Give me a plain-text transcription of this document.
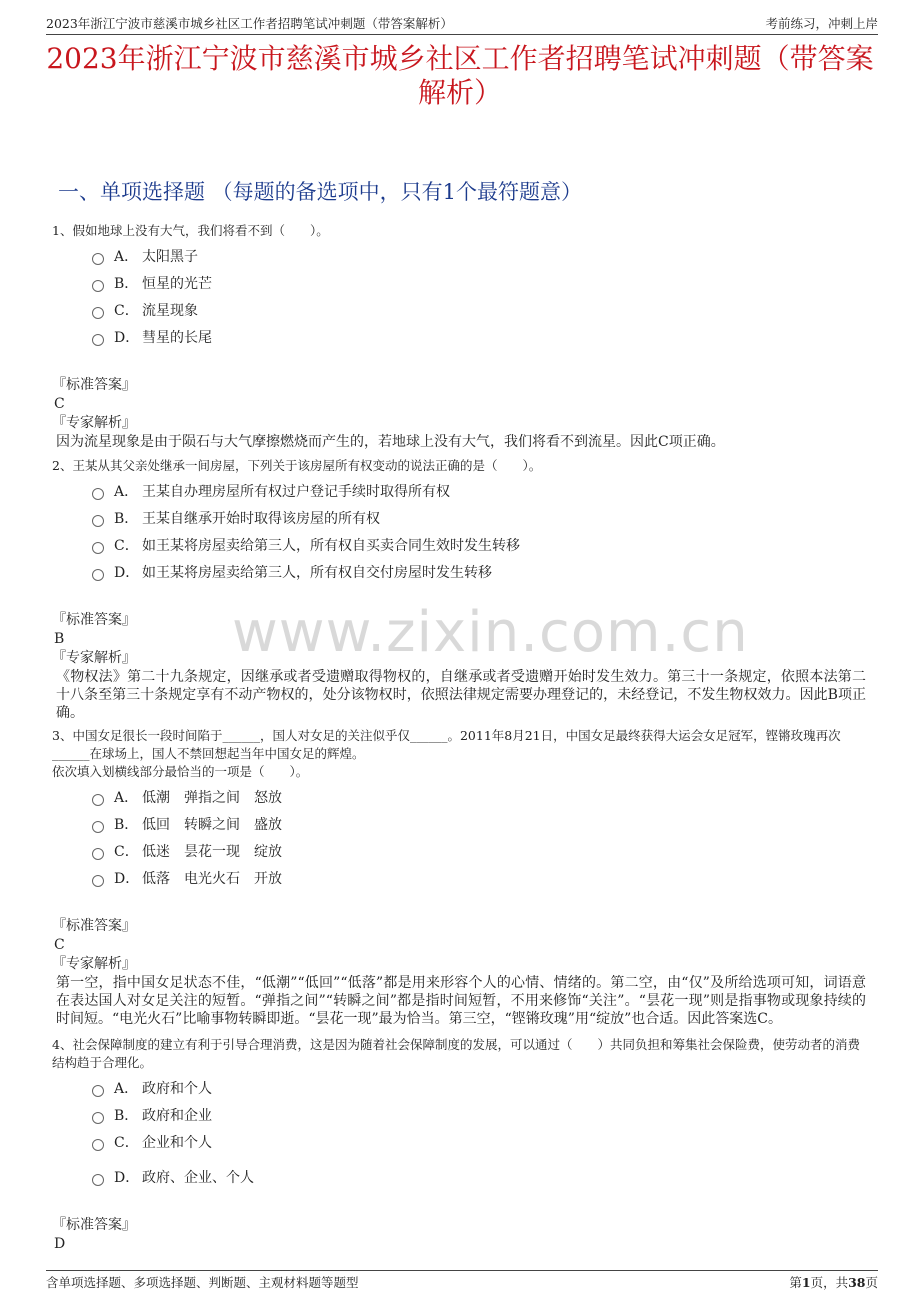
2023年浙江宁波市慈溪市城乡社区工作者招聘笔试冲刺题（带答案解析）	考前练习，冲刺上岸
2023年浙江宁波市慈溪市城乡社区工作者招聘笔试冲刺题（带答案解析）
一、单项选择题 （每题的备选项中，只有1个最符题意）
www.zixin.com.cn
1、假如地球上没有大气，我们将看不到（　　）。
A． 太阳黑子
B． 恒星的光芒
C． 流星现象
D． 彗星的长尾
『标准答案』
C
『专家解析』
因为流星现象是由于陨石与大气摩擦燃烧而产生的，若地球上没有大气，我们将看不到流星。因此C项正确。
2、王某从其父亲处继承一间房屋，下列关于该房屋所有权变动的说法正确的是（　　）。
A． 王某自办理房屋所有权过户登记手续时取得所有权
B． 王某自继承开始时取得该房屋的所有权
C． 如王某将房屋卖给第三人，所有权自买卖合同生效时发生转移
D． 如王某将房屋卖给第三人，所有权自交付房屋时发生转移
『标准答案』
B
『专家解析』
《物权法》第二十九条规定，因继承或者受遗赠取得物权的，自继承或者受遗赠开始时发生效力。第三十一条规定，依照本法第二十八条至第三十条规定享有不动产物权的，处分该物权时，依照法律规定需要办理登记的，未经登记，不发生物权效力。因此B项正确。
3、中国女足很长一段时间陷于______，国人对女足的关注似乎仅______。2011年8月21日，中国女足最终获得大运会女足冠军，铿锵玫瑰再次______在球场上，国人不禁回想起当年中国女足的辉煌。
依次填入划横线部分最恰当的一项是（　　）。
A． 低潮　弹指之间　怒放
B． 低回　转瞬之间　盛放
C． 低迷　昙花一现　绽放
D． 低落　电光火石　开放
『标准答案』
C
『专家解析』
第一空，指中国女足状态不佳，“低潮”“低回”“低落”都是用来形容个人的心情、情绪的。第二空，由“仅”及所给选项可知，词语意在表达国人对女足关注的短暂。“弹指之间”“转瞬之间”都是指时间短暂，不用来修饰“关注”。“昙花一现”则是指事物或现象持续的时间短。“电光火石”比喻事物转瞬即逝。“昙花一现”最为恰当。第三空，“铿锵玫瑰”用“绽放”也合适。因此答案选C。
4、社会保障制度的建立有利于引导合理消费，这是因为随着社会保障制度的发展，可以通过（　　）共同负担和筹集社会保险费，使劳动者的消费结构趋于合理化。
A． 政府和个人
B． 政府和企业
C． 企业和个人
D． 政府、企业、个人
『标准答案』
D
含单项选择题、多项选择题、判断题、主观材料题等题型	第1页，共38页
